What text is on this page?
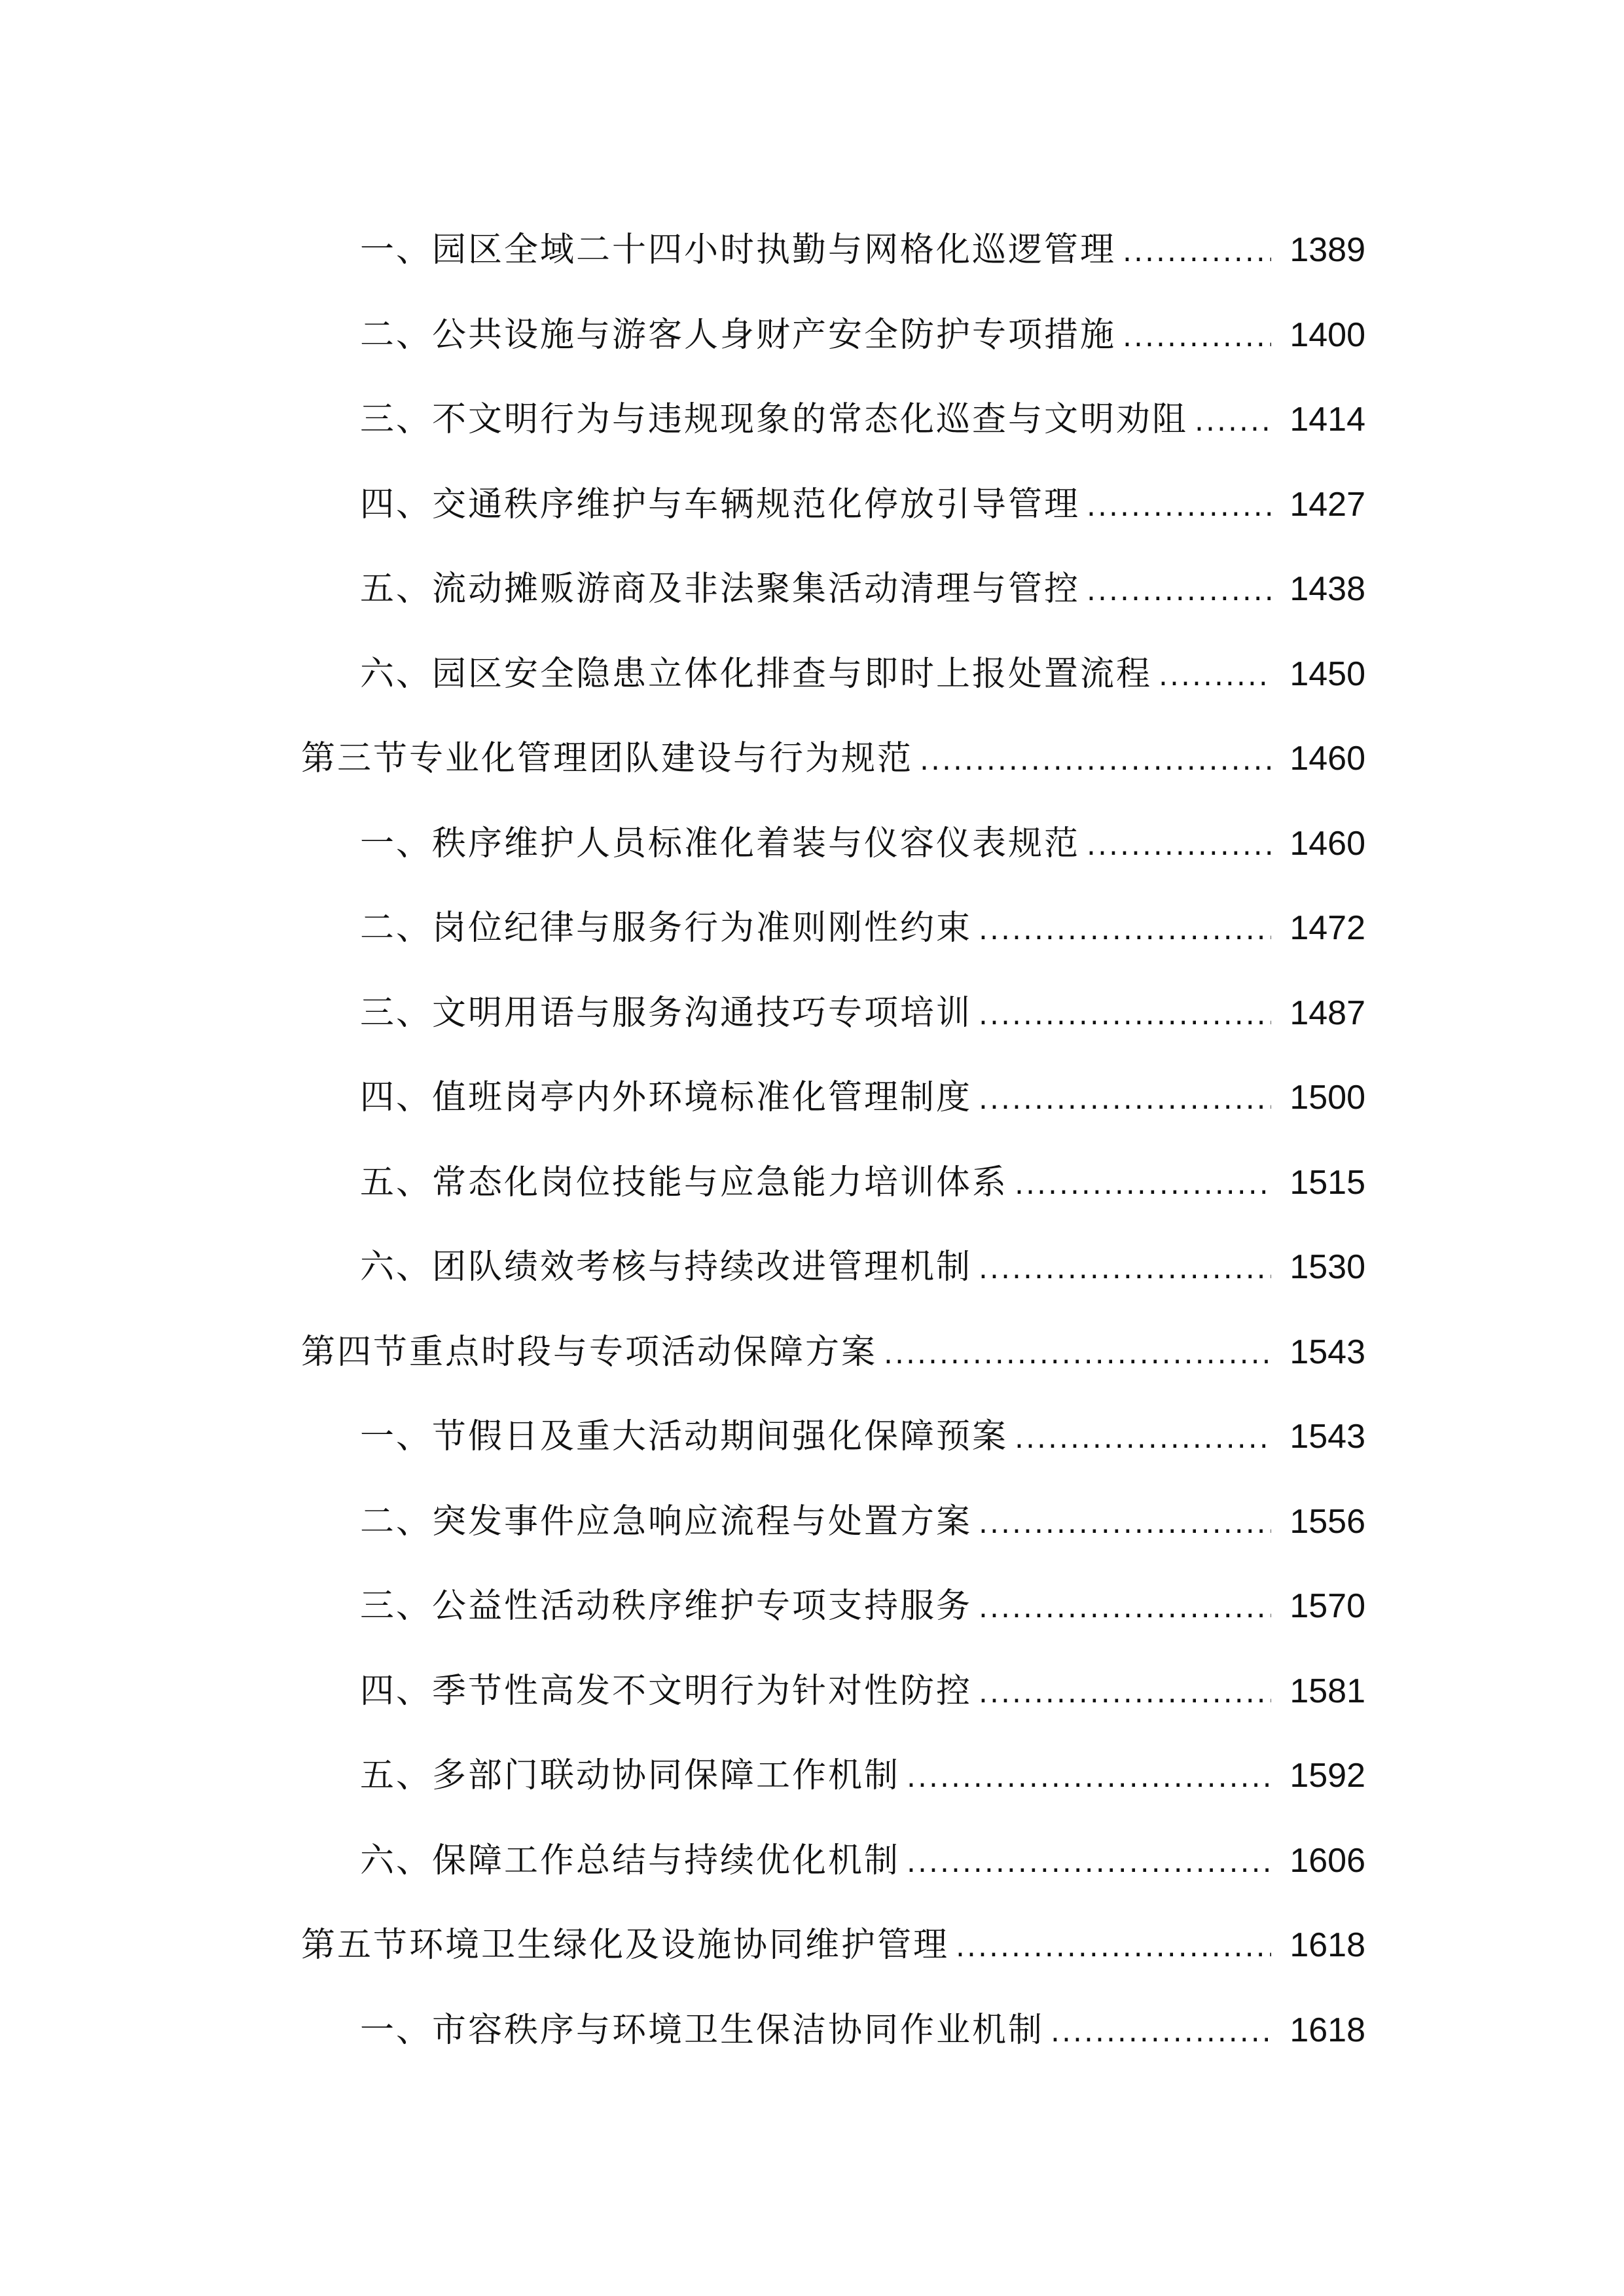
一、园区全域二十四小时执勤与网格化巡逻管理 .....	1389
二、公共设施与游客人身财产安全防护专项措施 .....	1400
三、不文明行为与违规现象的常态化巡查与文明劝阻 .....	1414
四、交通秩序维护与车辆规范化停放引导管理 .....	1427
五、流动摊贩游商及非法聚集活动清理与管控 .....	1438
六、园区安全隐患立体化排查与即时上报处置流程 .....	1450
第三节专业化管理团队建设与行为规范 .....	1460
一、秩序维护人员标准化着装与仪容仪表规范 .....	1460
二、岗位纪律与服务行为准则刚性约束 .....	1472
三、文明用语与服务沟通技巧专项培训 .....	1487
四、值班岗亭内外环境标准化管理制度 .....	1500
五、常态化岗位技能与应急能力培训体系 .....	1515
六、团队绩效考核与持续改进管理机制 .....	1530
第四节重点时段与专项活动保障方案 .....	1543
一、节假日及重大活动期间强化保障预案 .....	1543
二、突发事件应急响应流程与处置方案 .....	1556
三、公益性活动秩序维护专项支持服务 .....	1570
四、季节性高发不文明行为针对性防控 .....	1581
五、多部门联动协同保障工作机制 .....	1592
六、保障工作总结与持续优化机制 .....	1606
第五节环境卫生绿化及设施协同维护管理 .....	1618
一、市容秩序与环境卫生保洁协同作业机制 .....	1618
